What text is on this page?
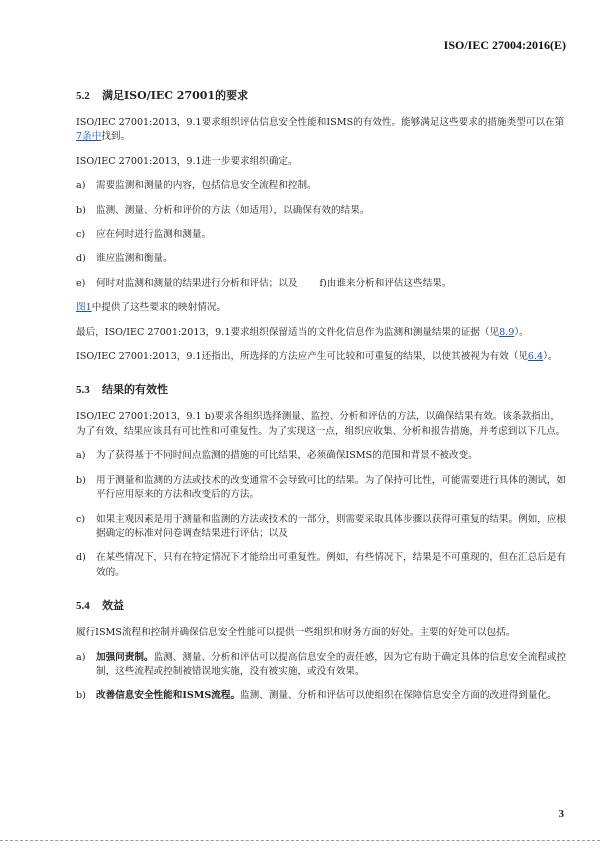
ISO/IEC 27004:2016(E)
5.2 满足ISO/IEC 27001的要求

ISO/IEC 27001:2013，9.1要求组织评估信息安全性能和ISMS的有效性。能够满足这些要求的措施类型可以在第7条中找到。

ISO/IEC 27001:2013，9.1进一步要求组织确定。

a)	需要监测和测量的内容，包括信息安全流程和控制。
b)	监测、测量、分析和评价的方法（如适用），以确保有效的结果。
c)	应在何时进行监测和测量。
d)	谁应监测和衡量。
e)	何时对监测和测量的结果进行分析和评估；以及 f)由谁来分析和评估这些结果。

图1中提供了这些要求的映射情况。

最后，ISO/IEC 27001:2013，9.1要求组织保留适当的文件化信息作为监测和测量结果的证据（见8.9）。

ISO/IEC 27001:2013，9.1还指出，所选择的方法应产生可比较和可重复的结果，以使其被视为有效（见6.4）。

5.3 结果的有效性

ISO/IEC 27001:2013，9.1 b)要求各组织选择测量、监控、分析和评估的方法，以确保结果有效。该条款指出，为了有效，结果应该具有可比性和可重复性。为了实现这一点，组织应收集、分析和报告措施，并考虑到以下几点。

a)	为了获得基于不同时间点监测的措施的可比结果，必须确保ISMS的范围和背景不被改变。
b)	用于测量和监测的方法或技术的改变通常不会导致可比的结果。为了保持可比性，可能需要进行具体的测试，如平行应用原来的方法和改变后的方法。
c)	如果主观因素是用于测量和监测的方法或技术的一部分，则需要采取具体步骤以获得可重复的结果。例如，应根据确定的标准对问卷调查结果进行评估；以及
d)	在某些情况下，只有在特定情况下才能给出可重复性。例如，有些情况下，结果是不可重现的，但在汇总后是有效的。
5.4 效益

履行ISMS流程和控制并确保信息安全性能可以提供一些组织和财务方面的好处。主要的好处可以包括。

a)	加强问责制。监测、测量、分析和评估可以提高信息安全的责任感，因为它有助于确定具体的信息安全流程或控制，这些流程或控制被错误地实施，没有被实施，或没有效果。
b)	改善信息安全性能和ISMS流程。监测、测量、分析和评估可以使组织在保障信息安全方面的改进得到量化。
3
